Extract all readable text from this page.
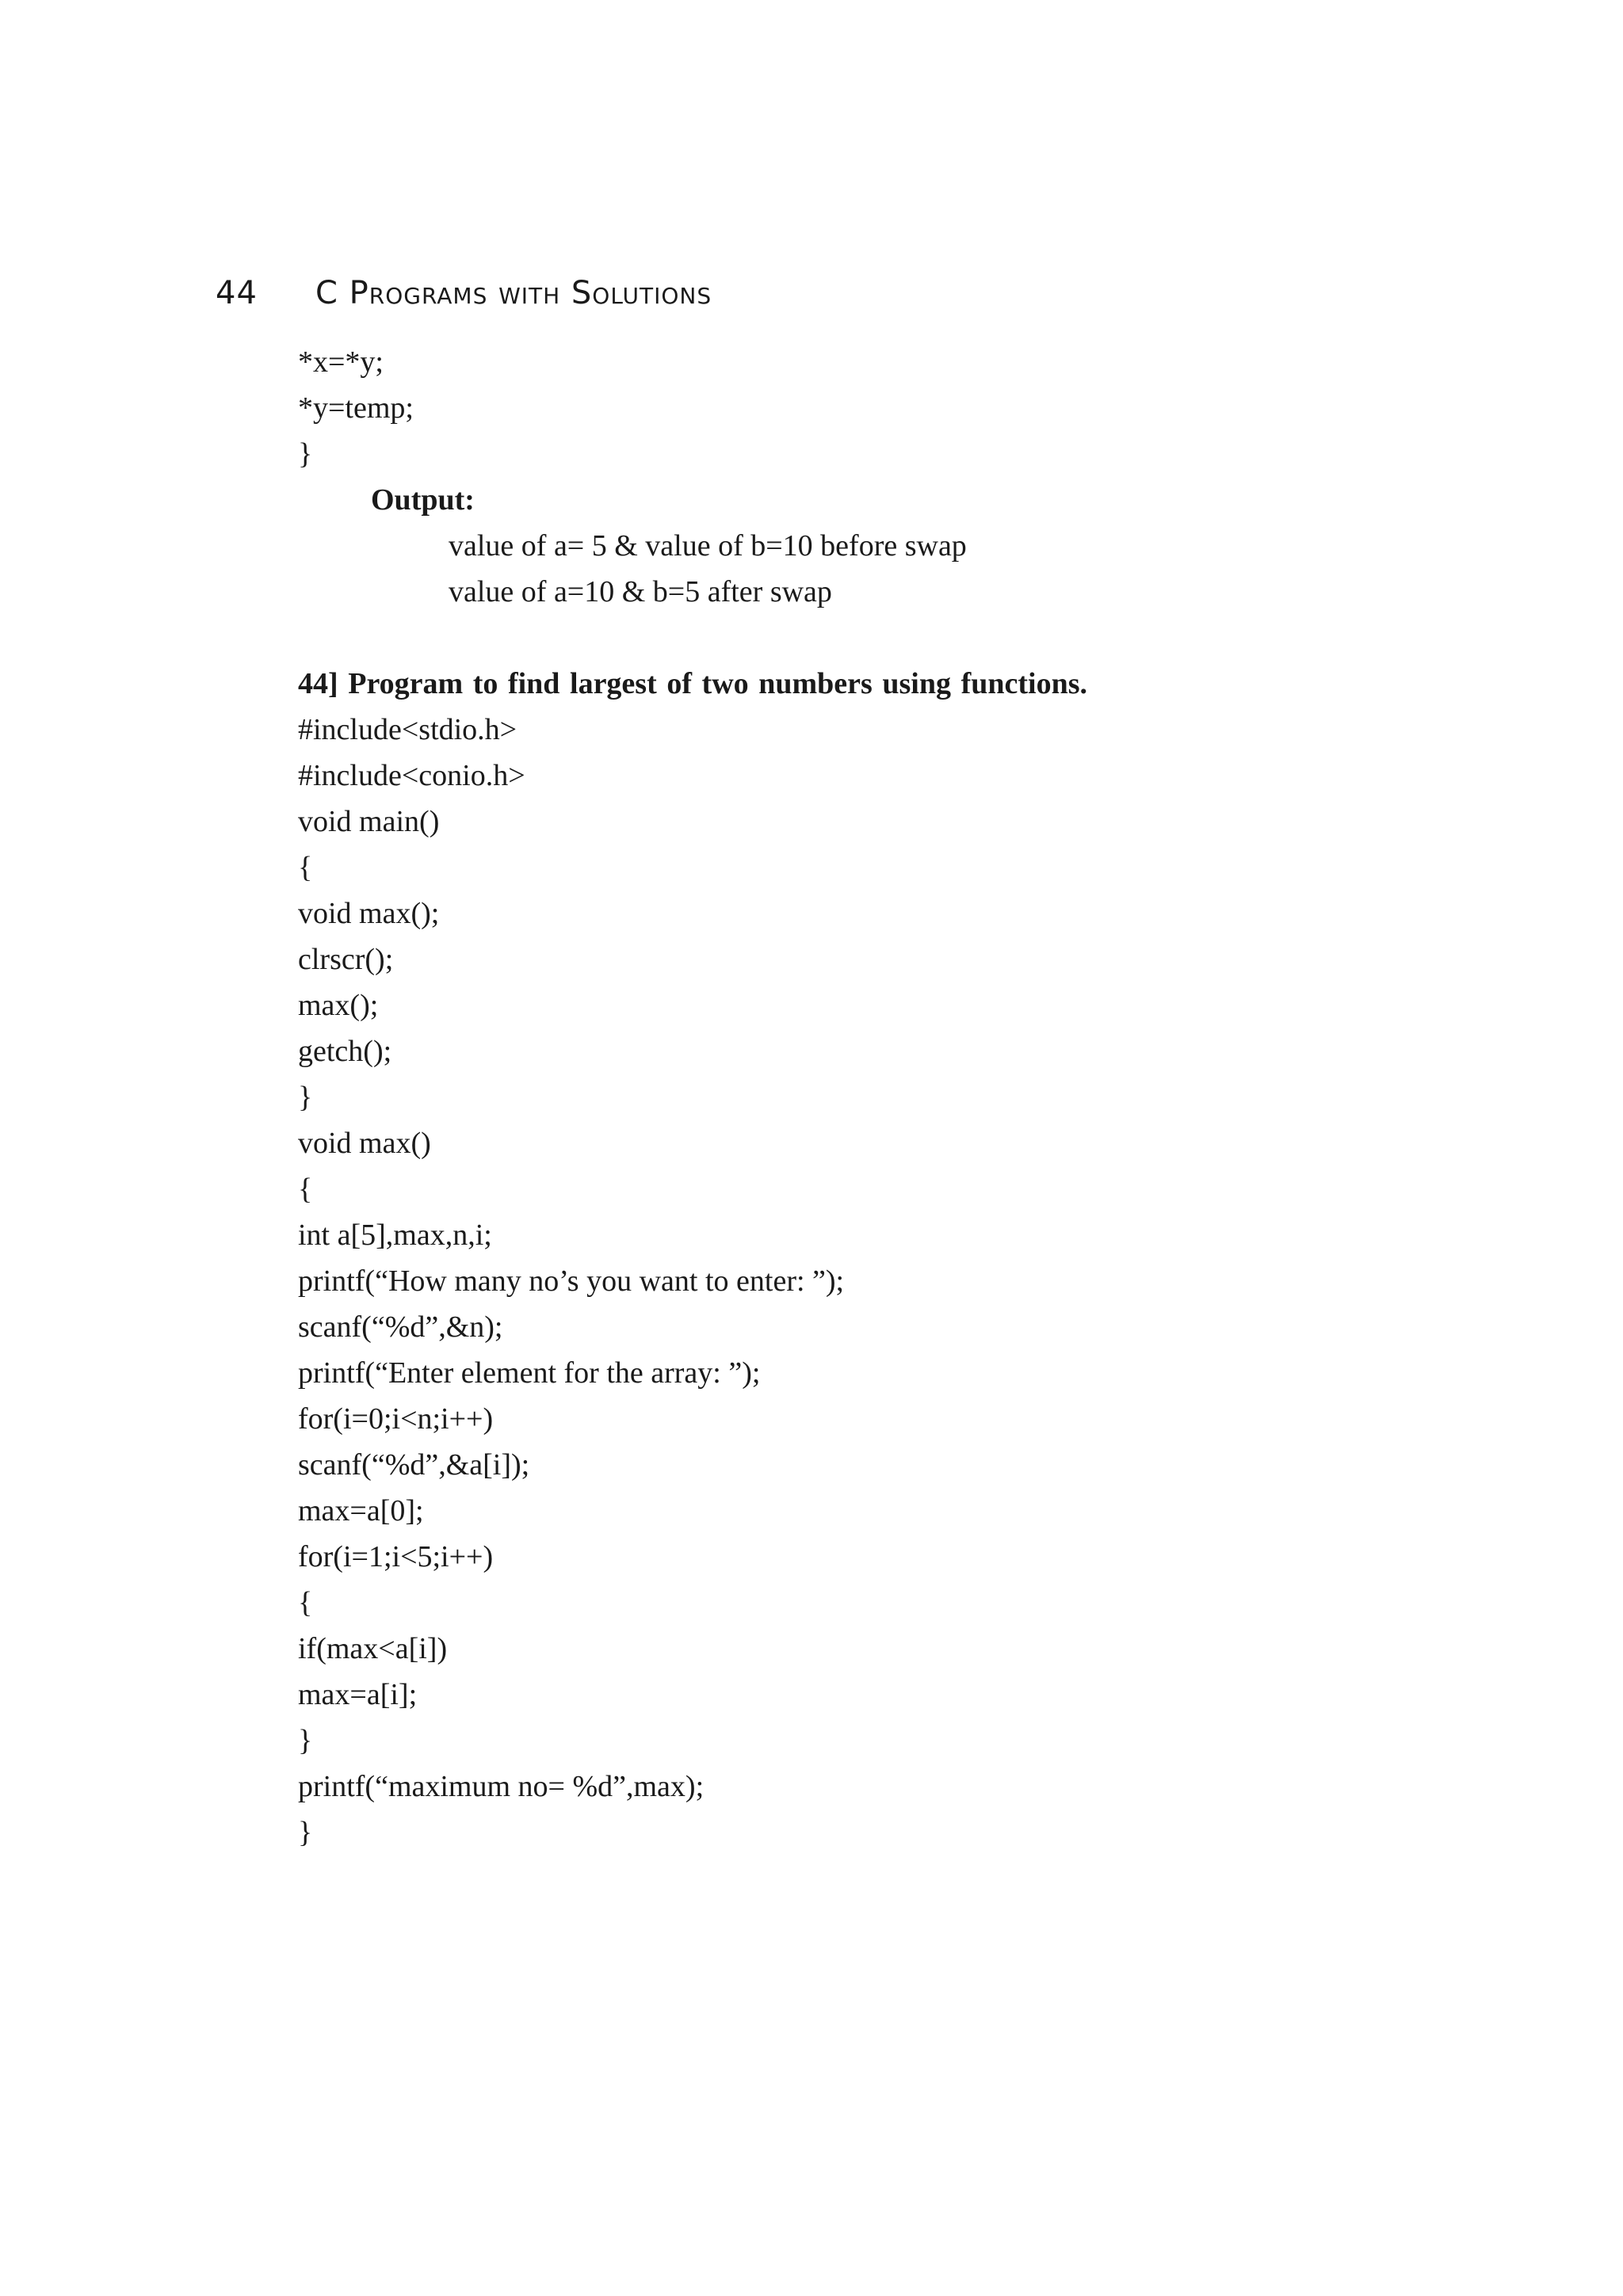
44 C Programs with Solutions
*x=*y;
*y=temp;
}
Output:
value of a= 5 & value of b=10 before swap
value of a=10 & b=5 after swap
44] Program to find largest of two numbers using functions.
#include<stdio.h>
#include<conio.h>
void main()
{
void max();
clrscr();
max();
getch();
}
void max()
{
int a[5],max,n,i;
printf(“How many no’s you want to enter: ”);
scanf(“%d”,&n);
printf(“Enter element for the array: ”);
for(i=0;i<n;i++)
scanf(“%d”,&a[i]);
max=a[0];
for(i=1;i<5;i++)
{
if(max<a[i])
max=a[i];
}
printf(“maximum no= %d”,max);
}
